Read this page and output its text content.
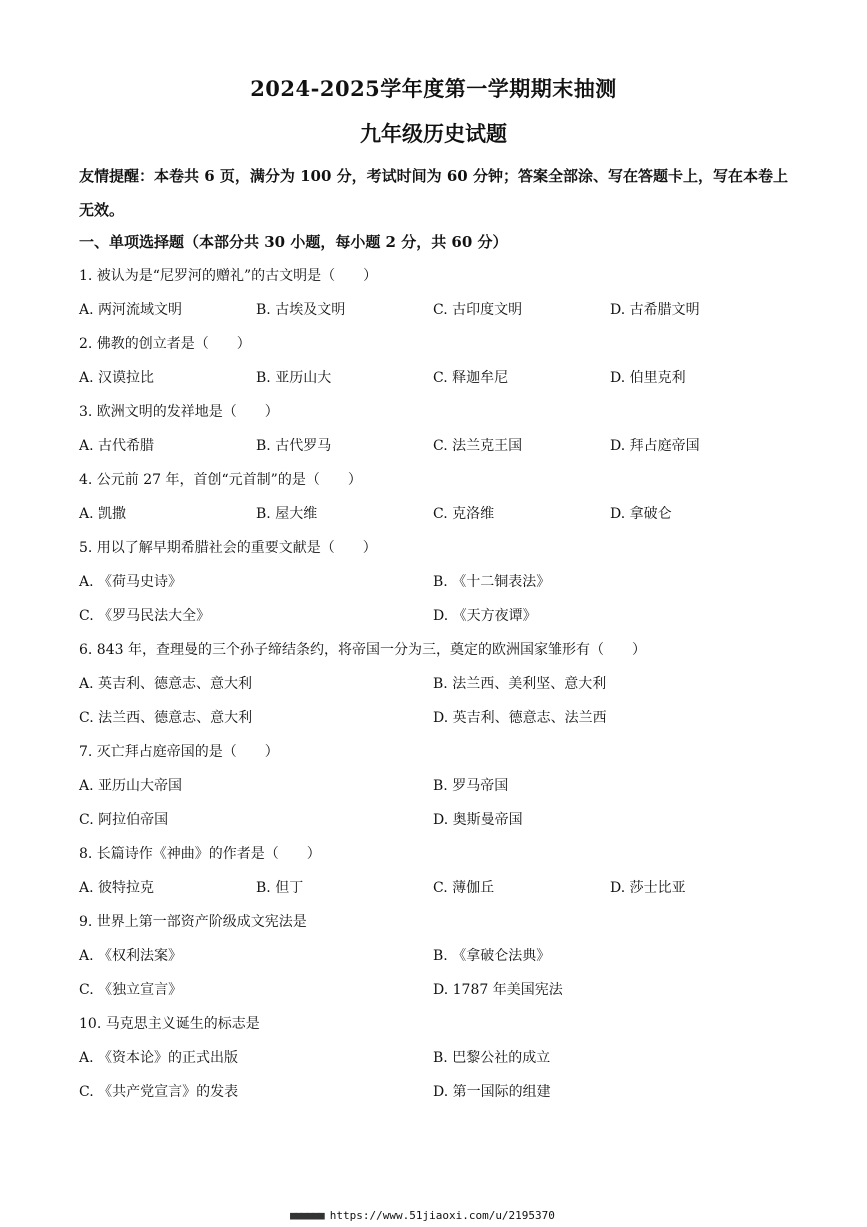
2024-2025学年度第一学期期末抽测
九年级历史试题
友情提醒：本卷共 6 页，满分为 100 分，考试时间为 60 分钟；答案全部涂、写在答题卡上，写在本卷上无效。
一、单项选择题（本部分共 30 小题，每小题 2 分，共 60 分）
1. 被认为是“尼罗河的赠礼”的古文明是（　　）
A. 两河流域文明	B. 古埃及文明	C. 古印度文明	D. 古希腊文明
2. 佛教的创立者是（　　）
A. 汉谟拉比	B. 亚历山大	C. 释迦牟尼	D. 伯里克利
3. 欧洲文明的发祥地是（　　）
A. 古代希腊	B. 古代罗马	C. 法兰克王国	D. 拜占庭帝国
4. 公元前 27 年，首创“元首制”的是（　　）
A. 凯撒	B. 屋大维	C. 克洛维	D. 拿破仑
5. 用以了解早期希腊社会的重要文献是（　　）
A. 《荷马史诗》	B. 《十二铜表法》
C. 《罗马民法大全》	D. 《天方夜谭》
6. 843 年，查理曼的三个孙子缔结条约，将帝国一分为三，奠定的欧洲国家雏形有（　　）
A. 英吉利、德意志、意大利	B. 法兰西、美利坚、意大利
C. 法兰西、德意志、意大利	D. 英吉利、德意志、法兰西
7. 灭亡拜占庭帝国的是（　　）
A. 亚历山大帝国	B. 罗马帝国
C. 阿拉伯帝国	D. 奥斯曼帝国
8. 长篇诗作《神曲》的作者是（　　）
A. 彼特拉克	B. 但丁	C. 薄伽丘	D. 莎士比亚
9. 世界上第一部资产阶级成文宪法是
A. 《权利法案》	B. 《拿破仑法典》
C. 《独立宣言》	D. 1787 年美国宪法
10. 马克思主义诞生的标志是
A. 《资本论》的正式出版	B. 巴黎公社的成立
C. 《共产党宣言》的发表	D. 第一国际的组建
■■■■■■ https://www.51jiaoxi.com/u/2195370
